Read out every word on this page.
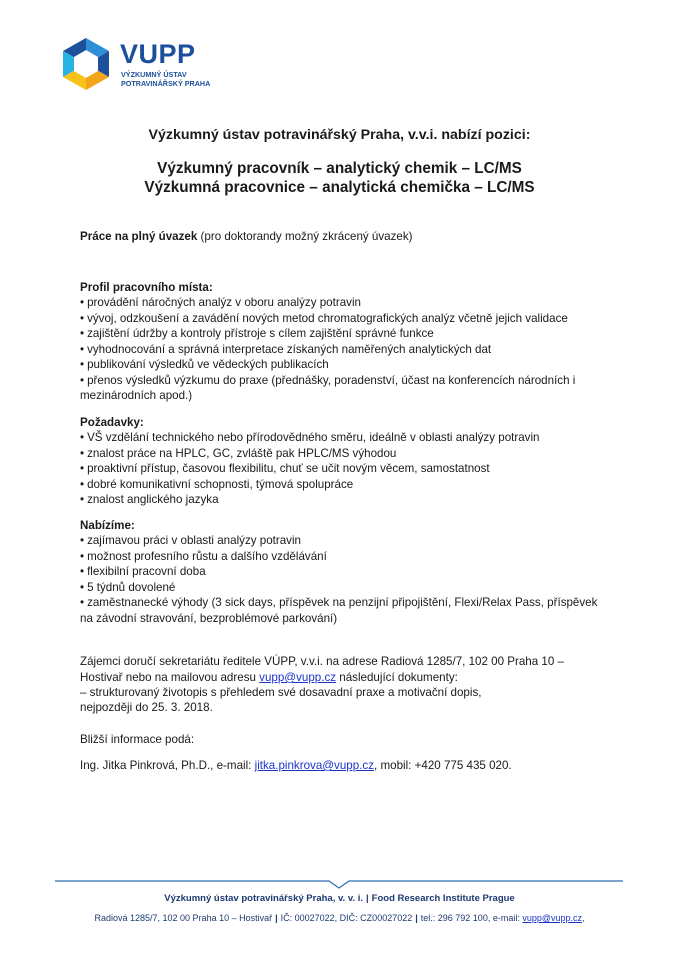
VUPP
VÝZKUMNÝ ÚSTAV
POTRAVINÁŘSKÝ PRAHA
Výzkumný ústav potravinářský Praha, v.v.i. nabízí pozici:
Výzkumný pracovník – analytický chemik – LC/MS
Výzkumná pracovnice – analytická chemička – LC/MS
Práce na plný úvazek (pro doktorandy možný zkrácený úvazek)
Profil pracovního místa:
• provádění náročných analýz v oboru analýzy potravin
• vývoj, odzkoušení a zavádění nových metod chromatografických analýz včetně jejich validace
• zajištění údržby a kontroly přístroje s cílem zajištění správné funkce
• vyhodnocování a správná interpretace získaných naměřených analytických dat
• publikování výsledků ve vědeckých publikacích
• přenos výsledků výzkumu do praxe (přednášky, poradenství, účast na konferencích národních i mezinárodních apod.)
Požadavky:
• VŠ vzdělání technického nebo přírodovědného směru, ideálně v oblasti analýzy potravin
• znalost práce na HPLC, GC, zvláště pak HPLC/MS výhodou
• proaktivní přístup, časovou flexibilitu, chuť se učit novým věcem, samostatnost
• dobré komunikativní schopnosti, týmová spolupráce
• znalost anglického jazyka
Nabízíme:
• zajímavou práci v oblasti analýzy potravin
• možnost profesního růstu a dalšího vzdělávání
• flexibilní pracovní doba
• 5 týdnů dovolené
• zaměstnanecké výhody (3 sick days, příspěvek na penzijní připojištění, Flexi/Relax Pass, příspěvek na závodní stravování, bezproblémové parkování)
Zájemci doručí sekretariátu ředitele VÚPP, v.v.i. na adrese Radiová 1285/7, 102 00 Praha 10 –
Hostivař nebo na mailovou adresu vupp@vupp.cz následující dokumenty:
– strukturovaný životopis s přehledem své dosavadní praxe a motivační dopis,
nejpozději do 25. 3. 2018.
Bližší informace podá:
Ing. Jitka Pinkrová, Ph.D., e-mail: jitka.pinkrova@vupp.cz, mobil: +420 775 435 020.
Výzkumný ústav potravinářský Praha, v. v. i. | Food Research Institute Prague
Radiová 1285/7, 102 00 Praha 10 – Hostivař | IČ: 00027022, DIČ: CZ00027022 | tel.: 296 792 100, e-mail: vupp@vupp.cz,
